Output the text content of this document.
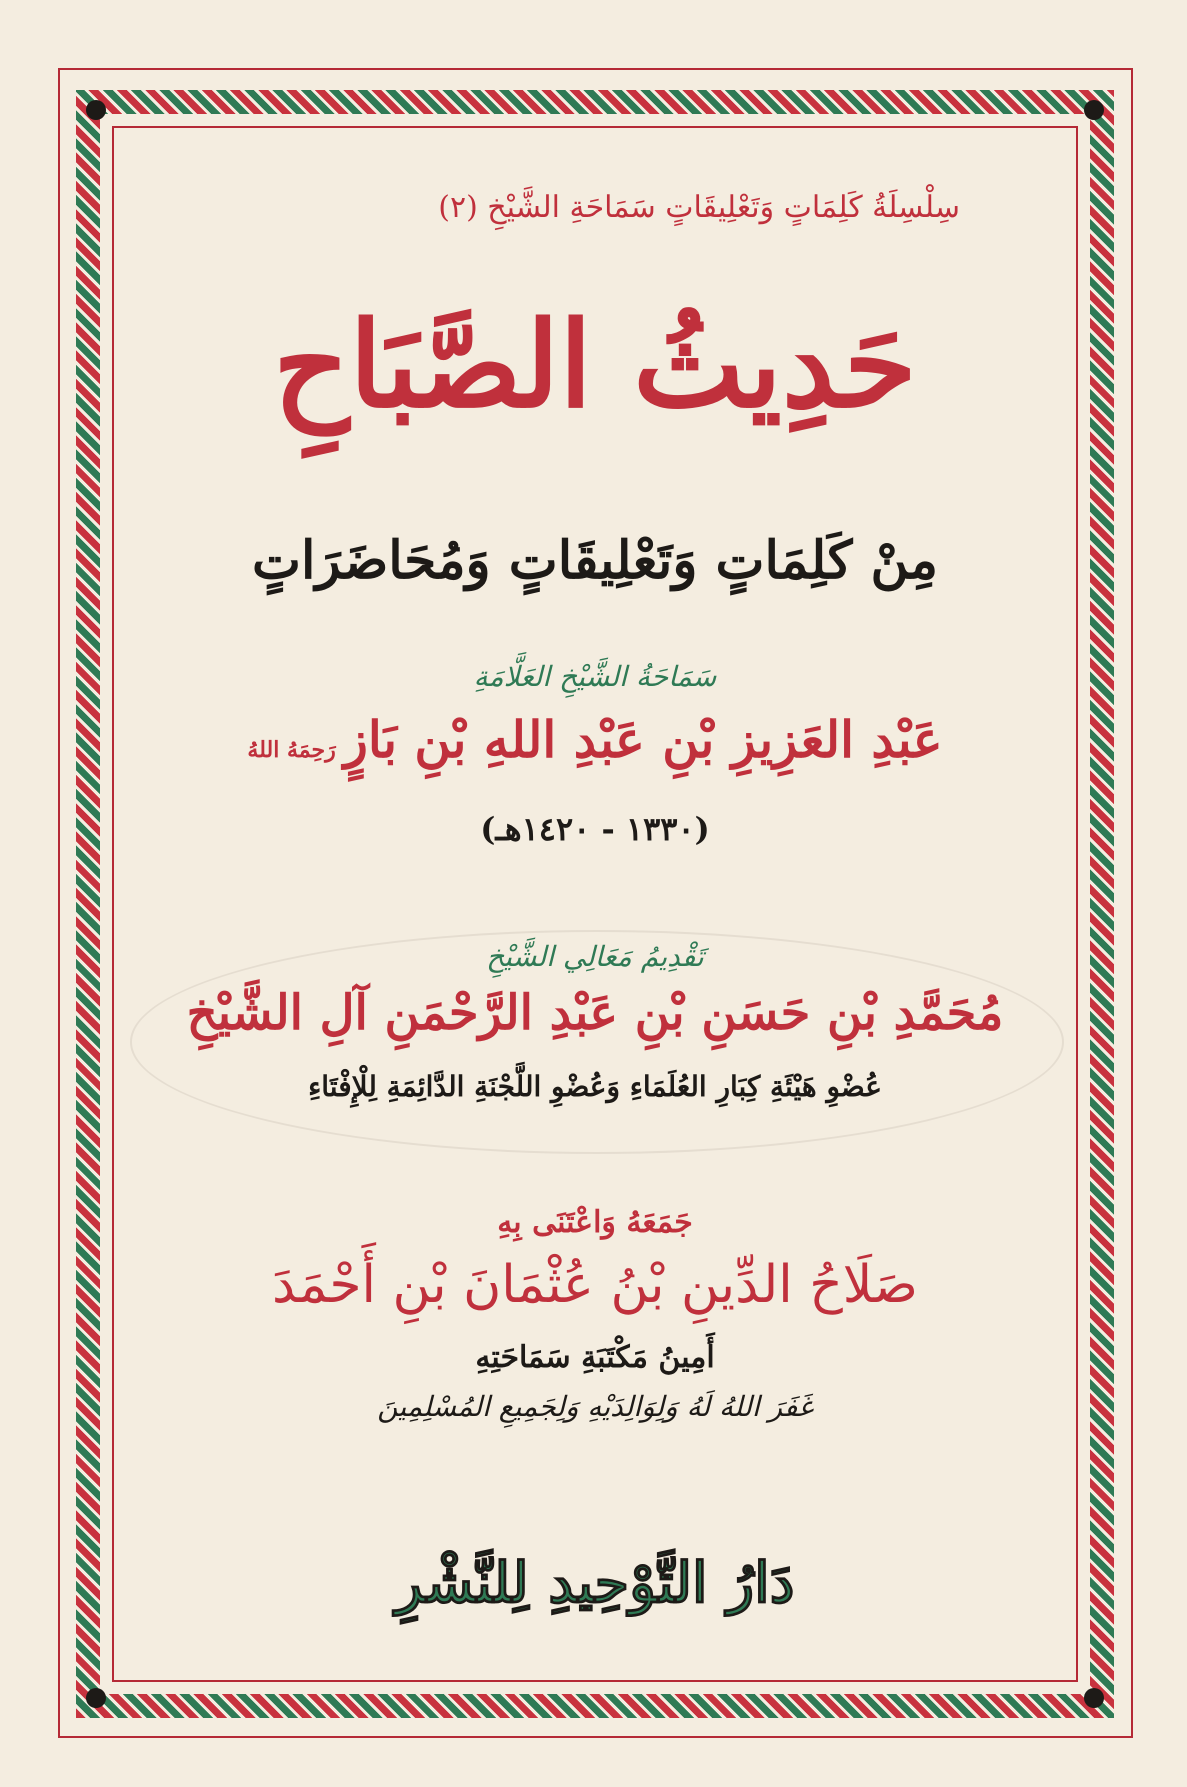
سِلْسِلَةُ كَلِمَاتٍ وَتَعْلِيقَاتٍ سَمَاحَةِ الشَّيْخِ (٢)
حَدِيثُ الصَّبَاحِ
مِنْ كَلِمَاتٍ وَتَعْلِيقَاتٍ وَمُحَاضَرَاتٍ
سَمَاحَةُ الشَّيْخِ العَلَّامَةِ
عَبْدِ العَزِيزِ بْنِ عَبْدِ اللهِ بْنِ بَازٍرَحِمَهُ اللهُ
(١٣٣٠ - ١٤٢٠هـ)
تَقْدِيمُ مَعَالِي الشَّيْخِ
مُحَمَّدِ بْنِ حَسَنِ بْنِ عَبْدِ الرَّحْمَنِ آلِ الشَّيْخِ
عُضْوِ هَيْئَةِ كِبَارِ العُلَمَاءِ وَعُضْوِ اللَّجْنَةِ الدَّائِمَةِ لِلْإِفْتَاءِ
جَمَعَهُ وَاعْتَنَى بِهِ
صَلَاحُ الدِّينِ بْنُ عُثْمَانَ بْنِ أَحْمَدَ
أَمِينُ مَكْتَبَةِ سَمَاحَتِهِ
غَفَرَ اللهُ لَهُ وَلِوَالِدَيْهِ وَلِجَمِيعِ المُسْلِمِينَ
دَارُ التَّوْحِيدِ لِلنَّشْرِ
